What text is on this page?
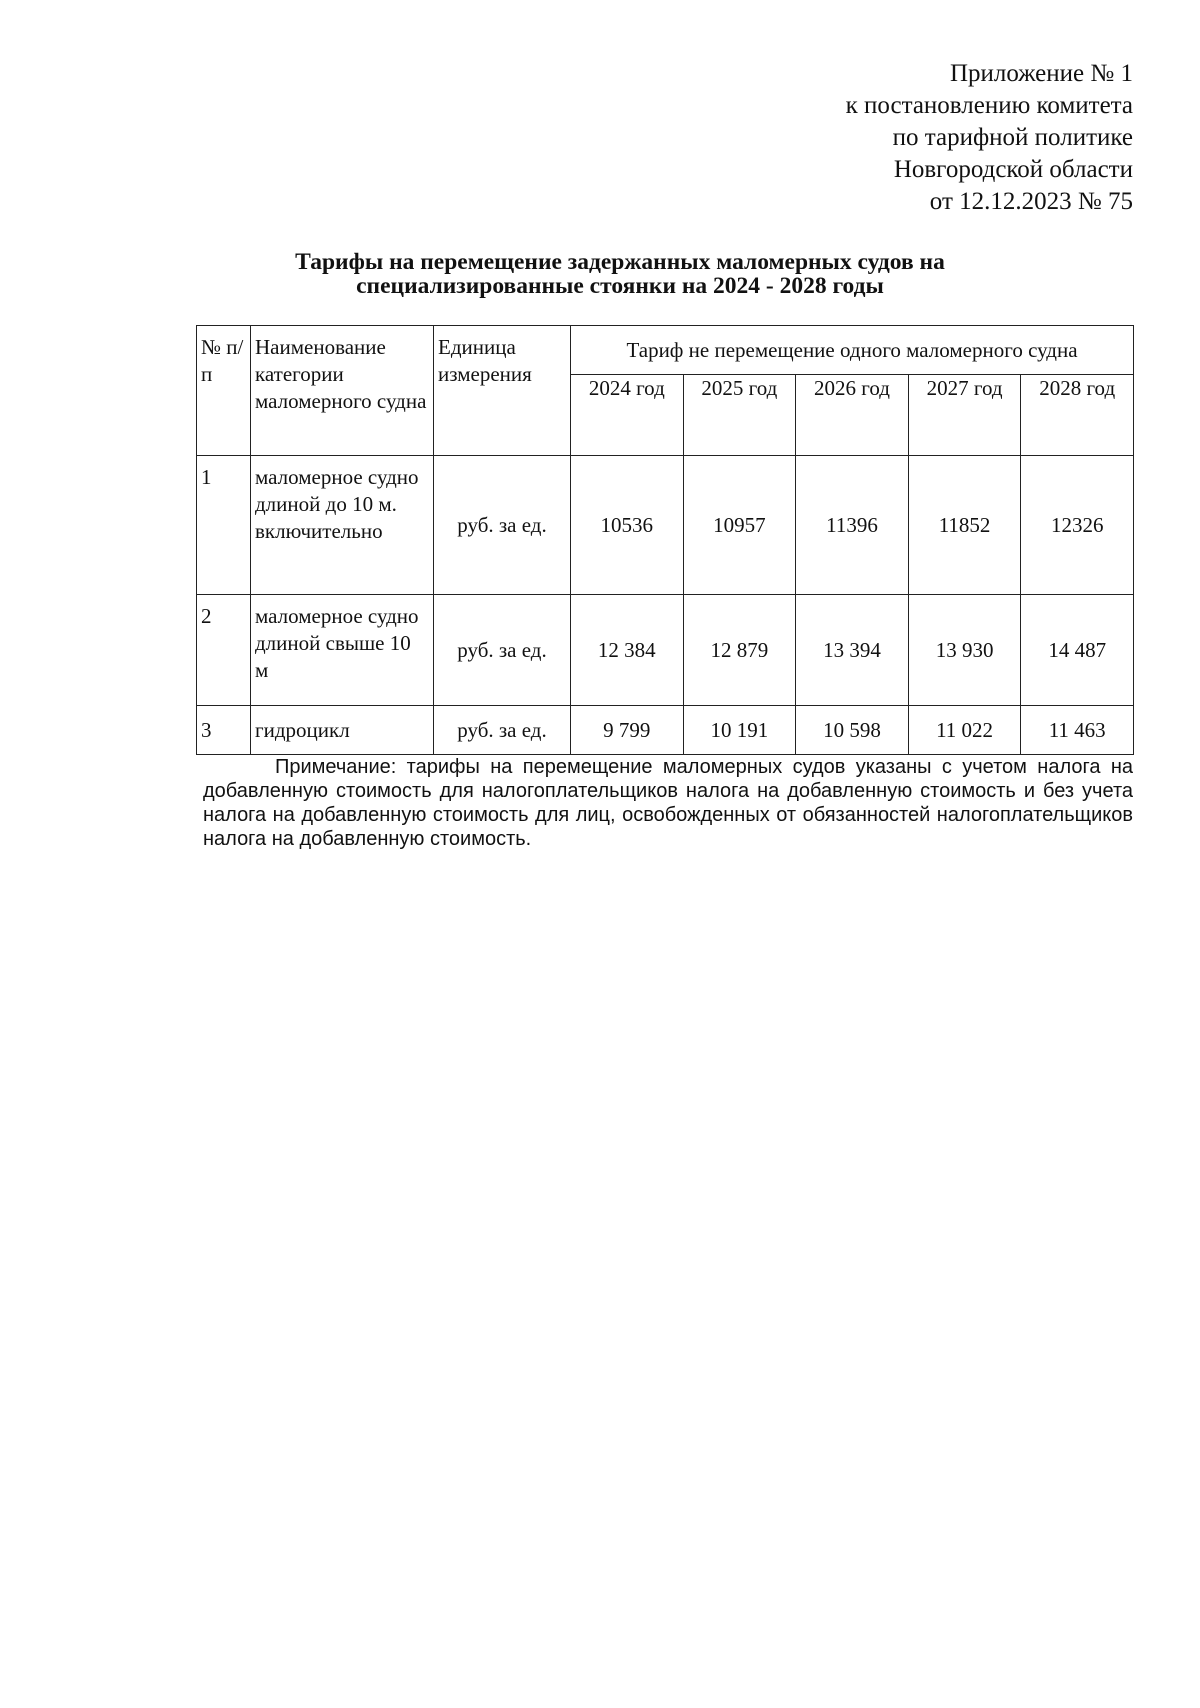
Приложение № 1
к постановлению комитета
по тарифной политике
Новгородской области
от 12.12.2023 № 75
Тарифы на перемещение задержанных маломерных судов на
специализированные стоянки на 2024 - 2028 годы
№ п/п	Наименование категории маломерного судна	Единица измерения	Тариф не перемещение одного маломерного судна				
			2024 год	2025 год	2026 год	2027 год	2028 год
1	маломерное судно длиной до 10 м. включительно	руб. за ед.	10536	10957	11396	11852	12326
2	маломерное судно длиной свыше 10 м	руб. за ед.	12 384	12 879	13 394	13 930	14 487
3	гидроцикл	руб. за ед.	9 799	10 191	10 598	11 022	11 463
Примечание: тарифы на перемещение маломерных судов указаны с учетом налога на добавленную стоимость для налогоплательщиков налога на добавленную стоимость и без учета налога на добавленную стоимость для лиц, освобожденных от обязанностей налогоплательщиков налога на добавленную стоимость.
